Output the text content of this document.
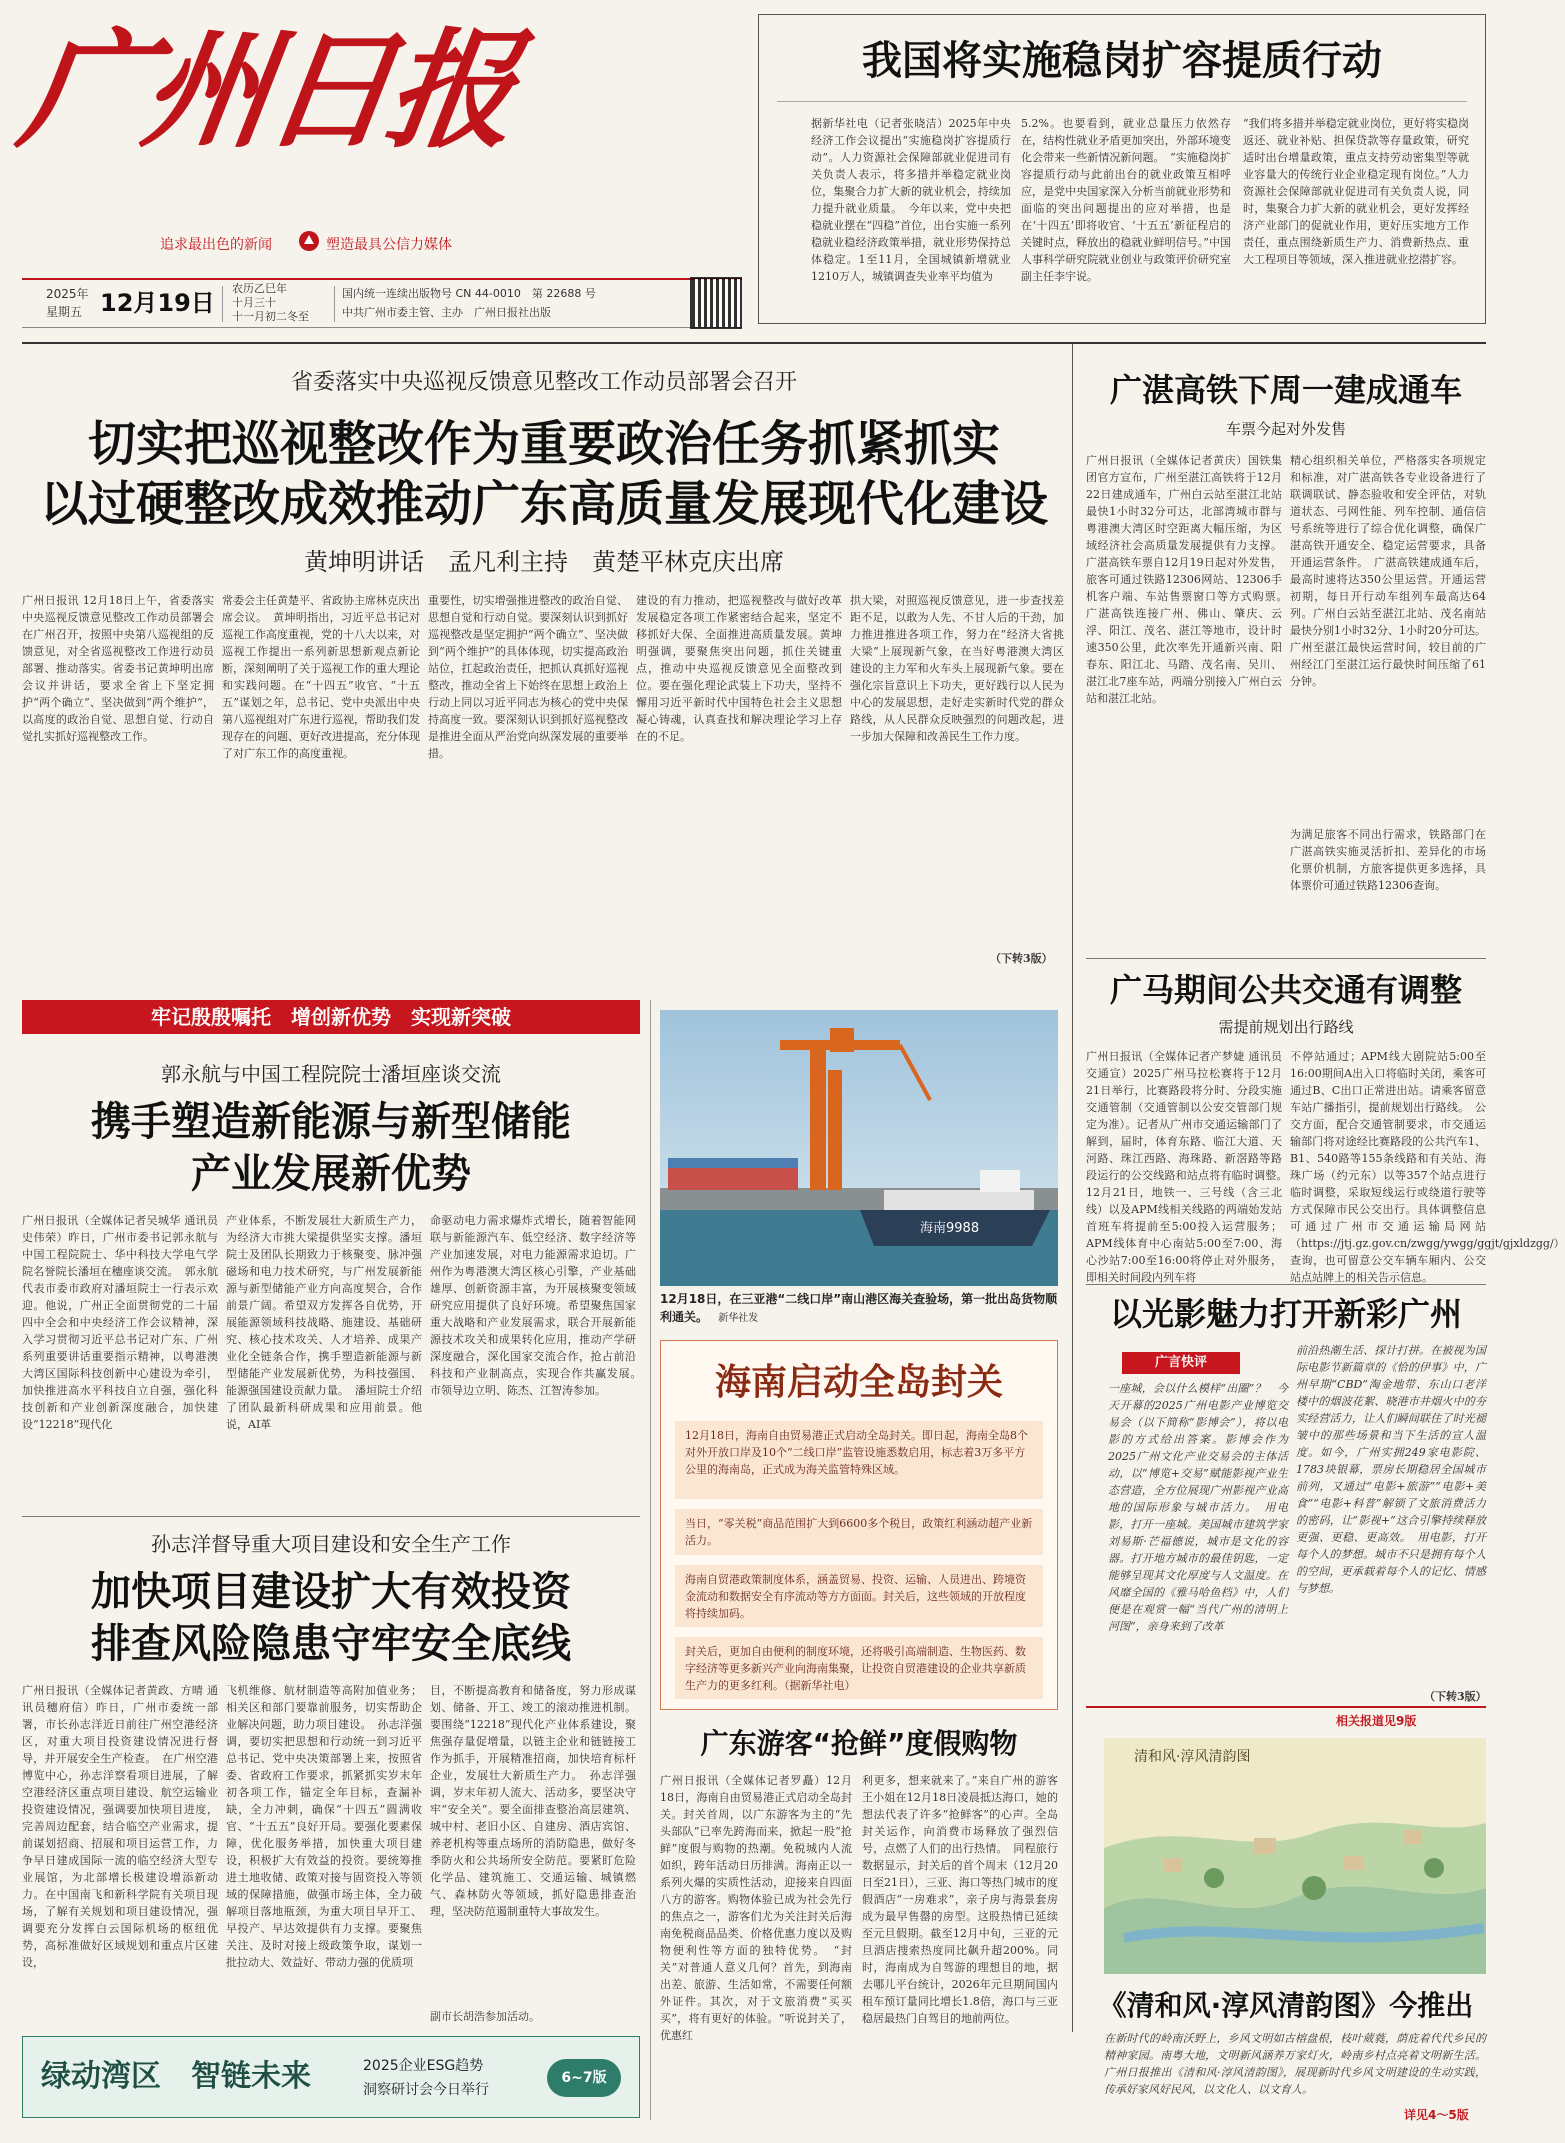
广州日报
追求最出色的新闻	塑造最具公信力媒体
2025年
星期五 12月19日
农历乙巳年
十月三十
十一月初二冬至
国内统一连续出版物号 CN 44-0010　第 22688 号
中共广州市委主管、主办　广州日报社出版
我国将实施稳岗扩容提质行动
据新华社电（记者张晓洁）2025年中央经济工作会议提出“实施稳岗扩容提质行动”。人力资源社会保障部就业促进司有关负责人表示，将多措并举稳定就业岗位，集聚合力扩大新的就业机会，持续加力提升就业质量。　今年以来，党中央把稳就业摆在“四稳”首位，出台实施一系列稳就业稳经济政策举措，就业形势保持总体稳定。1至11月，全国城镇新增就业1210万人，城镇调查失业率平均值为
5.2%。也要看到，就业总量压力依然存在，结构性就业矛盾更加突出，外部环境变化会带来一些新情况新问题。　“实施稳岗扩容提质行动与此前出台的就业政策互相呼应，是党中央国家深入分析当前就业形势和面临的突出问题提出的应对举措，也是在‘十四五’即将收官、‘十五五’新征程启的关键时点，释放出的稳就业鲜明信号。”中国人事科学研究院就业创业与政策评价研究室副主任李宇说。
“我们将多措并举稳定就业岗位，更好将实稳岗返还、就业补贴、担保贷款等存量政策，研究适时出台增量政策，重点支持劳动密集型等就业容量大的传统行业企业稳定现有岗位。”人力资源社会保障部就业促进司有关负责人说，同时，集聚合力扩大新的就业机会，更好发挥经济产业部门的促就业作用，更好压实地方工作责任，重点围绕新质生产力、消费新热点、重大工程项目等领域，深入推进就业挖潜扩容。
省委落实中央巡视反馈意见整改工作动员部署会召开
切实把巡视整改作为重要政治任务抓紧抓实
以过硬整改成效推动广东高质量发展现代化建设
黄坤明讲话　孟凡利主持　黄楚平林克庆出席
广州日报讯 12月18日上午，省委落实中央巡视反馈意见整改工作动员部署会在广州召开，按照中央第八巡视组的反馈意见，对全省巡视整改工作进行动员部署、推动落实。省委书记黄坤明出席会议并讲话，要求全省上下坚定拥护“两个确立”、坚决做到“两个维护”，以高度的政治自觉、思想自觉、行动自觉扎实抓好巡视整改工作。
常委会主任黄楚平、省政协主席林克庆出席会议。　黄坤明指出，习近平总书记对巡视工作高度重视，党的十八大以来，对巡视工作提出一系列新思想新观点新论断，深刻阐明了关于巡视工作的重大理论和实践问题。在“十四五”收官、“十五五”谋划之年，总书记、党中央派出中央第八巡视组对广东进行巡视，帮助我们发现存在的问题、更好改进提高，充分体现了对广东工作的高度重视。
重要性，切实增强推进整改的政治自觉、思想自觉和行动自觉。要深刻认识到抓好巡视整改是坚定拥护“两个确立”、坚决做到“两个维护”的具体体现，切实提高政治站位，扛起政治责任，把抓认真抓好巡视整改，推动全省上下始终在思想上政治上行动上同以习近平同志为核心的党中央保持高度一致。要深刻认识到抓好巡视整改是推进全面从严治党向纵深发展的重要举措。
建设的有力推动，把巡视整改与做好改革发展稳定各项工作紧密结合起来，坚定不移抓好大保、全面推进高质量发展。黄坤明强调，要聚焦突出问题，抓住关键重点，推动中央巡视反馈意见全面整改到位。要在强化理论武装上下功夫，坚持不懈用习近平新时代中国特色社会主义思想凝心铸魂，认真查找和解决理论学习上存在的不足。
拱大梁，对照巡视反馈意见，进一步查找差距不足，以敢为人先、不甘人后的干劲，加力推进推进各项工作，努力在“经济大省挑大梁”上展现新气象，在当好粤港澳大湾区建设的主力军和火车头上展现新气象。要在强化宗旨意识上下功夫，更好践行以人民为中心的发展思想，走好走实新时代党的群众路线，从人民群众反映强烈的问题改起，进一步加大保障和改善民生工作力度。
（下转3版）
广湛高铁下周一建成通车
车票今起对外发售
广州日报讯（全媒体记者黄庆）国铁集团官方宣布，广州至湛江高铁将于12月22日建成通车，广州白云站至湛江北站最快1小时32分可达，北部湾城市群与粤港澳大湾区时空距离大幅压缩，为区域经济社会高质量发展提供有力支撑。广湛高铁车票自12月19日起对外发售，旅客可通过铁路12306网站、12306手机客户端、车站售票窗口等方式购票。　广湛高铁连接广州、佛山、肇庆、云浮、阳江、茂名、湛江等地市，设计时速350公里，此次率先开通新兴南、阳春东、阳江北、马踏、茂名南、吴川、湛江北7座车站，两端分别接入广州白云站和湛江北站。
精心组织相关单位，严格落实各项规定和标准，对广湛高铁各专业设备进行了联调联试、静态验收和安全评估，对轨道状态、弓网性能、列车控制、通信信号系统等进行了综合优化调整，确保广湛高铁开通安全、稳定运营要求，具备开通运营条件。　广湛高铁建成通车后，最高时速将达350公里运营。开通运营初期，每日开行动车组列车最高达64列。广州白云站至湛江北站、茂名南站最快分别1小时32分、1小时20分可达。广州至湛江最快运营时间，较目前的广州经江门至湛江运行最快时间压缩了61分钟。
为满足旅客不同出行需求，铁路部门在广湛高铁实施灵活折扣、差异化的市场化票价机制，方旅客提供更多选择，具体票价可通过铁路12306查询。
广马期间公共交通有调整
需提前规划出行路线
广州日报讯（全媒体记者产梦婕 通讯员交通宣）2025广州马拉松赛将于12月21日举行，比赛路段将分时、分段实施交通管制（交通管制以公安交管部门规定为准）。记者从广州市交通运输部门了解到，届时，体育东路、临江大道、天河路、珠江西路、海珠路、新滘路等路段运行的公交线路和站点将有临时调整。　12月21日，地铁一、三号线（含三北线）以及APM线相关线路的两端始发站首班车将提前至5:00投入运营服务；APM线体育中心南站5:00至7:00、海心沙站7:00至16:00将停止对外服务，即相关时间段内列车将
不停站通过；APM线大剧院站5:00至16:00期间A出入口将临时关闭，乘客可通过B、C出口正常进出站。请乘客留意车站广播指引，提前规划出行路线。　公交方面，配合交通管制要求，市交通运输部门将对途经比赛路段的公共汽车1、B1、540路等155条线路和有关站、海珠广场（约元东）以等357个站点进行临时调整，采取短线运行或绕道行驶等方式保障市民公交出行。具体调整信息可通过广州市交通运输局网站（https://jtj.gz.gov.cn/zwgg/ywgg/ggjt/gjxldzgg/）查询，也可留意公交车辆车厢内、公交站点站牌上的相关告示信息。
以光影魅力打开新彩广州
广言快评
一座城，会以什么模样“出圈”？　今天开幕的2025广州电影产业博览交易会（以下简称“影博会”），将以电影的方式给出答案。影博会作为2025广州文化产业交易会的主体活动，以“博览+交易”赋能影视产业生态营造，全方位展现广州影视产业高地的国际形象与城市活力。　用电影，打开一座城。美国城市建筑学家刘易斯·芒福德说，城市是文化的容器。打开地方城市的最佳钥匙，一定能够呈现其文化厚度与人文温度。在风靡全国的《雅马哈鱼档》中，人们便是在观赏一幅“当代广州的清明上河图”，亲身来到了改革
前沿热潮生活、探计打拼。在被视为国际电影节新篇章的《恰的伊事》中，广州早期“CBD”淘金地带、东山口老洋楼中的烟波花絮、晓港市井烟火中的夯实经营活力，让人们瞬间联住了时光褪皱中的那些场景和当下生活的宣人温度。如今，广州实拥249家电影院、1783块银幕，票房长期稳居全国城市前列，又通过“电影+旅游”“电影+美食”“电影+科普”解锁了文旅消费活力的密码，让“影视+”这合引擎持续释放更强、更稳、更高效。　用电影，打开每个人的梦想。城市不只是拥有每个人的空间，更承载着每个人的记忆、情感与梦想。
（下转3版）
相关报道见9版
清和风·淳风清韵图
《清和风·淳风清韵图》今推出
在新时代的岭南沃野上，乡风文明如古榕盘根，枝叶葳蕤，荫庇着代代乡民的精神家园。南粤大地，文明新风涵养万家灯火，岭南乡村点亮着文明新生活。广州日报推出《清和风·淳风清韵图》，展现新时代乡风文明建设的生动实践，传承好家风好民风，以文化人、以文育人。
详见4～5版
牢记殷殷嘱托　增创新优势　实现新突破
郭永航与中国工程院院士潘垣座谈交流
携手塑造新能源与新型储能
产业发展新优势
广州日报讯（全媒体记者吴城华 通讯员史伟荣）昨日，广州市委书记郭永航与中国工程院院士、华中科技大学电气学院名誉院长潘垣在穗座谈交流。　郭永航代表市委市政府对潘垣院士一行表示欢迎。他说，广州正全面贯彻党的二十届四中全会和中央经济工作会议精神，深入学习贯彻习近平总书记对广东、广州系列重要讲话重要指示精神，以粤港澳大湾区国际科技创新中心建设为牵引，加快推进高水平科技自立自强，强化科技创新和产业创新深度融合，加快建设“12218”现代化
产业体系，不断发展壮大新质生产力，为经济大市挑大梁提供坚实支撑。潘垣院士及团队长期致力于核聚变、脉冲强磁场和电力技术研究，与广州发展新能源与新型储能产业方向高度契合，合作前景广阔。希望双方发挥各自优势，开展能源领域科技战略、施建设、基础研究、核心技术攻关、人才培养、成果产业化全链条合作，携手塑造新能源与新型储能产业发展新优势，为科技强国、能源强国建设贡献力量。　潘垣院士介绍了团队最新科研成果和应用前景。他说，AI革
命驱动电力需求爆炸式增长，随着智能网联与新能源汽车、低空经济、数字经济等产业加速发展，对电力能源需求迫切。广州作为粤港澳大湾区核心引擎，产业基础雄厚、创新资源丰富，为开展核聚变领域研究应用提供了良好环境。希望聚焦国家重大战略和产业发展需求，联合开展新能源技术攻关和成果转化应用，推动产学研深度融合，深化国家交流合作，抢占前沿科技和产业制高点，实现合作共赢发展。　市领导边立明、陈杰、江智涛参加。
孙志洋督导重大项目建设和安全生产工作
加快项目建设扩大有效投资
排查风险隐患守牢安全底线
广州日报讯（全媒体记者黄政、方晴 通讯员穗府信）昨日，广州市委统一部署，市长孙志洋近日前往广州空港经济区，对重大项目投资建设情况进行督导，并开展安全生产检查。　在广州空港博览中心，孙志洋察看项目进展，了解空港经济区重点项目建设、航空运输业投资建设情况，强调要加快项目进度，完善周边配套，结合临空产业需求，提前谋划招商、招展和项目运营工作，力争早日建成国际一流的临空经济大型专业展馆，为北部增长极建设增添新动力。在中国南飞和新科学院有关项目现场，了解有关规划和项目建设情况，强调要充分发挥白云国际机场的枢纽优势，高标准做好区域规划和重点片区建设，
飞机维修、航材制造等高附加值业务；相关区和部门要靠前服务，切实帮助企业解决问题，助力项目建设。　孙志洋强调，要切实把思想和行动统一到习近平总书记、党中央决策部署上来，按照省委、省政府工作要求，抓紧抓实岁末年初各项工作，锚定全年目标，查漏补缺，全力冲刺，确保“十四五”圆满收官、“十五五”良好开局。要强化要素保障，优化服务举措，加快重大项目建设，积极扩大有效益的投资。要统筹推进土地收储、政策对接与固资投入等领域的保障措施，做强市场主体，全力破解项目落地瓶颈，为重大项目早开工、早投产、早达效提供有力支撑。要聚焦关注、及时对接上级政策争取，谋划一批拉动大、效益好、带动力强的优质项
目，不断提高教育和储备度，努力形成谋划、储备、开工、竣工的滚动推进机制。要围绕“12218”现代化产业体系建设，聚焦强存量促增量，以链主企业和链链接工作为抓手，开展精准招商，加快培育标杆企业，发展壮大新质生产力。　孙志洋强调，岁末年初人流大、活动多，要坚决守牢“安全关”。要全面排查整治高层建筑、城中村、老旧小区、自建房、酒店宾馆、养老机构等重点场所的消防隐患，做好冬季防火和公共场所安全防范。要紧盯危险化学品、建筑施工、交通运输、城镇燃气、森林防火等领域，抓好隐患排查治理，坚决防范遏制重特大事故发生。
副市长胡浩参加活动。
绿动湾区　智链未来	2025企业ESG趋势
洞察研讨会今日举行
6~7版
海南9988
12月18日，在三亚港“二线口岸”南山港区海关查验场，第一批出岛货物顺利通关。 新华社发
海南启动全岛封关
12月18日，海南自由贸易港正式启动全岛封关。即日起，海南全岛8个对外开放口岸及10个“二线口岸”监管设施悉数启用，标志着3万多平方公里的海南岛，正式成为海关监管特殊区域。
当日，“零关税”商品范围扩大到6600多个税目，政策红利涵动超产业新活力。
海南自贸港政策制度体系，涵盖贸易、投资、运输、人员进出、跨境资金流动和数据安全有序流动等方方面面。封关后，这些领域的开放程度将持续加码。
封关后，更加自由便利的制度环境，还将吸引高端制造、生物医药、数字经济等更多新兴产业向海南集聚，让投资自贸港建设的企业共享新质生产力的更多红利。（据新华社电）
广东游客“抢鲜”度假购物
广州日报讯（全媒体记者罗矗）12月18日，海南自由贸易港正式启动全岛封关。封关首周，以广东游客为主的“先头部队”已率先跨海而来，掀起一股“抢鲜”度假与购物的热潮。免税城内人流如织，跨年活动日历排满。海南正以一系列火爆的实质性活动，迎接来自四面八方的游客。购物体验已成为社会先行的焦点之一，游客们尤为关注封关后海南免税商品品类、价格优惠力度以及购物便利性等方面的独特优势。　“封关”对普通人意义几何？首先，到海南出差、旅游、生活如常，不需要任何额外证件。其次，对于文旅消费“买买买”，将有更好的体验。“听说封关了，优惠红
利更多，想来就来了。”来自广州的游客王小姐在12月18日凌晨抵达海口，她的想法代表了许多“抢鲜客”的心声。全岛封关运作，向消费市场释放了强烈信号，点燃了人们的出行热情。　同程旅行数据显示，封关后的首个周末（12月20日至21日），三亚、海口等热门城市的度假酒店“一房难求”，亲子房与海景套房成为最早售罄的房型。这股热情已延续至元旦假期。截至12月中旬，三亚的元旦酒店搜索热度同比飙升超200%。同时，海南成为自驾游的理想目的地，据去哪儿平台统计，2026年元旦期间国内租车预订量同比增长1.8倍，海口与三亚稳居最热门自驾目的地前两位。
